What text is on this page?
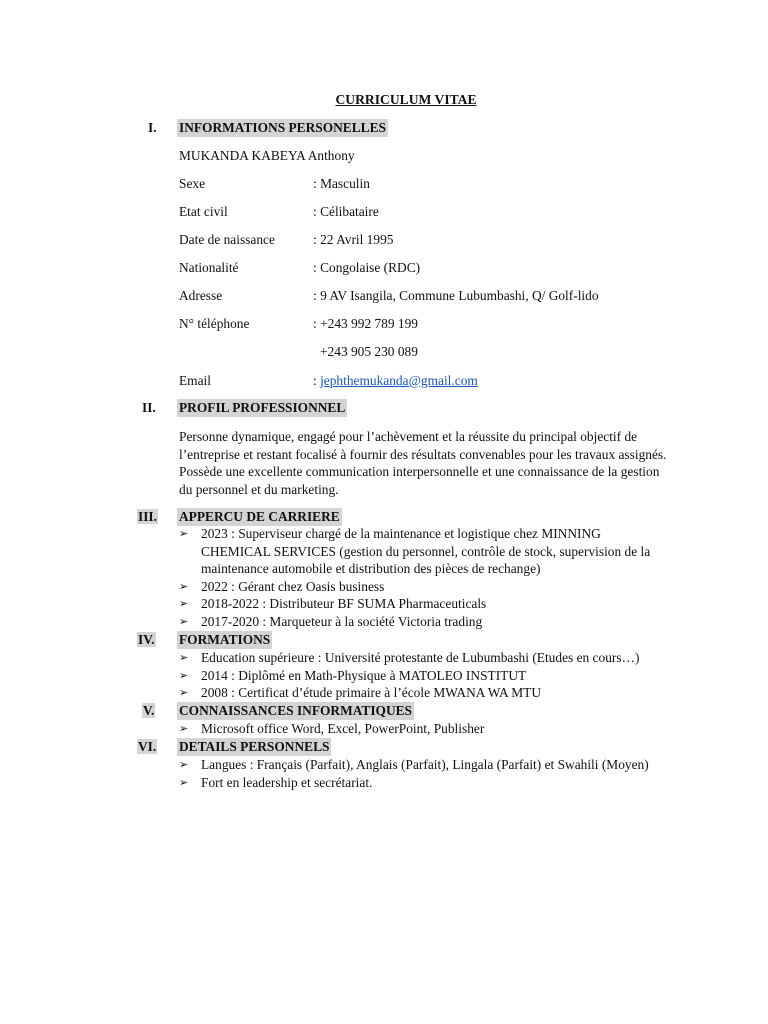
CURRICULUM VITAE
I. INFORMATIONS PERSONELLES
MUKANDA KABEYA Anthony
Sexe	: Masculin
Etat civil	: Célibataire
Date de naissance	: 22 Avril 1995
Nationalité	: Congolaise (RDC)
Adresse	: 9 AV Isangila, Commune Lubumbashi, Q/ Golf-lido
N° téléphone	: +243 992 789 199
+243 905 230 089
Email	: jephthemukanda@gmail.com
II. PROFIL PROFESSIONNEL
Personne dynamique, engagé pour l’achèvement et la réussite du principal objectif de
l’entreprise et restant focalisé à fournir des résultats convenables pour les travaux assignés.
Possède une excellente communication interpersonnelle et une connaissance de la gestion
du personnel et du marketing.
III. APPERCU DE CARRIERE
➢ 2023 : Superviseur chargé de la maintenance et logistique chez MINNING
CHEMICAL SERVICES (gestion du personnel, contrôle de stock, supervision de la
maintenance automobile et distribution des pièces de rechange)
➢ 2022 : Gérant chez Oasis business
➢ 2018-2022 : Distributeur BF SUMA Pharmaceuticals
➢ 2017-2020 : Marqueteur à la société Victoria trading
IV. FORMATIONS
➢ Education supérieure : Université protestante de Lubumbashi (Etudes en cours…)
➢ 2014 : Diplômé en Math-Physique à MATOLEO INSTITUT
➢ 2008 : Certificat d’étude primaire à l’école MWANA WA MTU
V. CONNAISSANCES INFORMATIQUES
➢ Microsoft office Word, Excel, PowerPoint, Publisher
VI. DETAILS PERSONNELS
➢ Langues : Français (Parfait), Anglais (Parfait), Lingala (Parfait) et Swahili (Moyen)
➢ Fort en leadership et secrétariat.
